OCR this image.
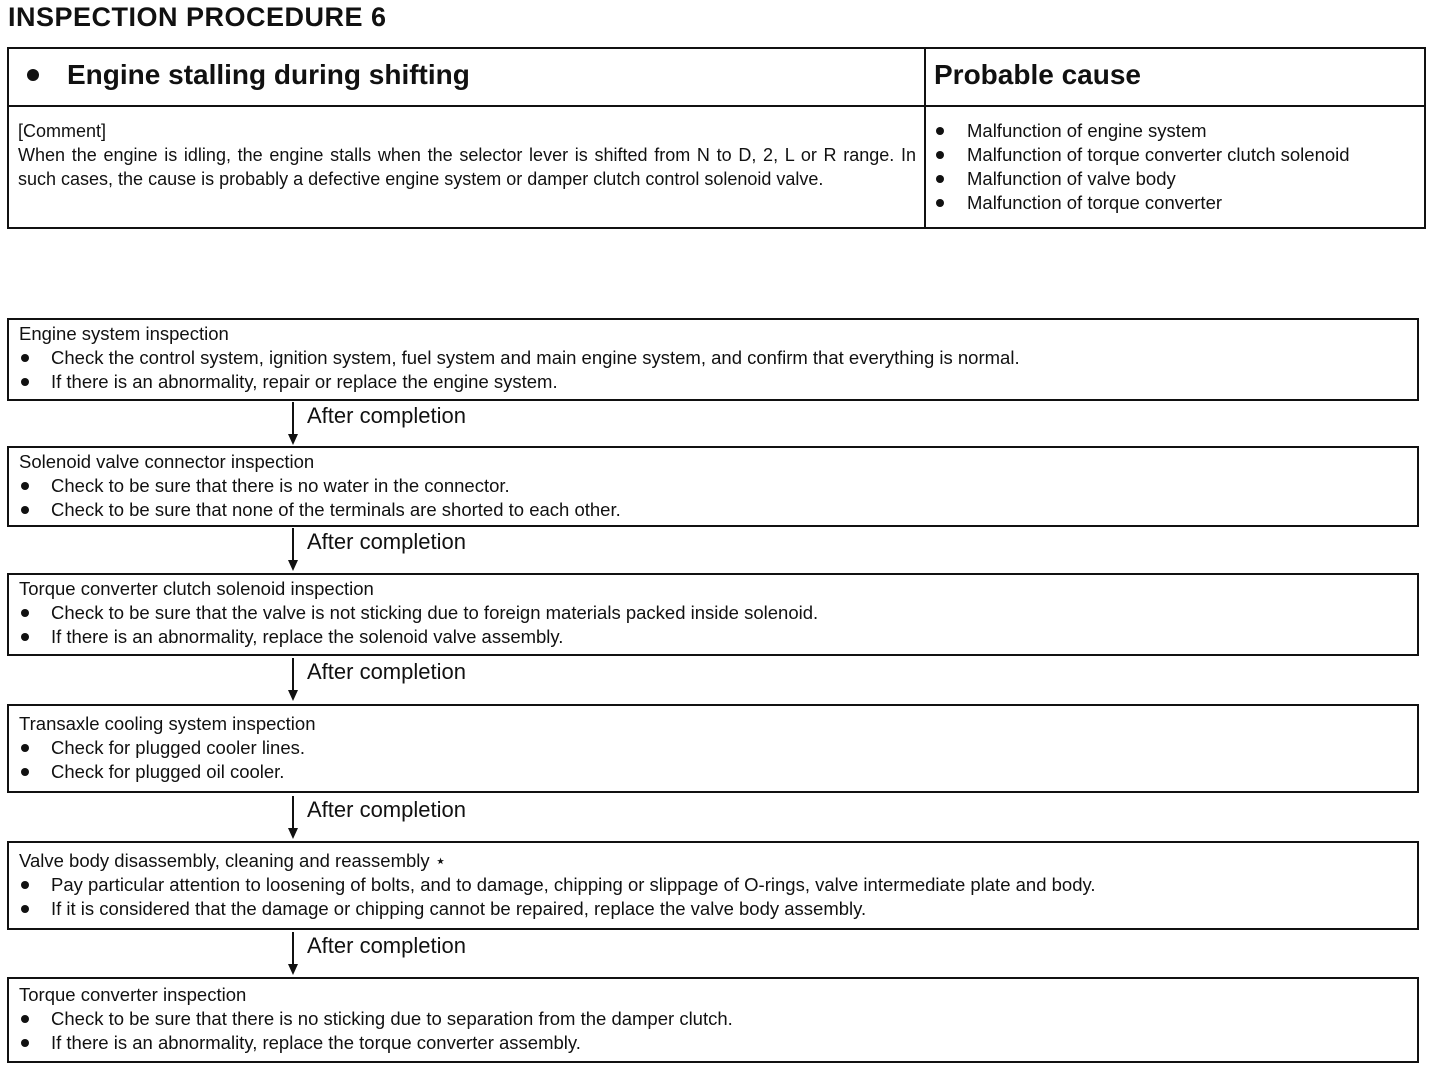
INSPECTION PROCEDURE 6
Engine stalling during shifting	Probable cause
[Comment]
When the engine is idling, the engine stalls when the selector lever is shifted from N to D, 2, L or R range. In such cases, the cause is probably a defective engine system or damper clutch control solenoid valve.
Malfunction of engine system
Malfunction of torque converter clutch solenoid
Malfunction of valve body
Malfunction of torque converter
Engine system inspection
Check the control system, ignition system, fuel system and main engine system, and confirm that everything is normal.
If there is an abnormality, repair or replace the engine system.
After completion
Solenoid valve connector inspection
Check to be sure that there is no water in the connector.
Check to be sure that none of the terminals are shorted to each other.
After completion
Torque converter clutch solenoid inspection
Check to be sure that the valve is not sticking due to foreign materials packed inside solenoid.
If there is an abnormality, replace the solenoid valve assembly.
After completion
Transaxle cooling system inspection
Check for plugged cooler lines.
Check for plugged oil cooler.
After completion
Valve body disassembly, cleaning and reassembly ⋆
Pay particular attention to loosening of bolts, and to damage, chipping or slippage of O-rings, valve intermediate plate and body.
If it is considered that the damage or chipping cannot be repaired, replace the valve body assembly.
After completion
Torque converter inspection
Check to be sure that there is no sticking due to separation from the damper clutch.
If there is an abnormality, replace the torque converter assembly.
